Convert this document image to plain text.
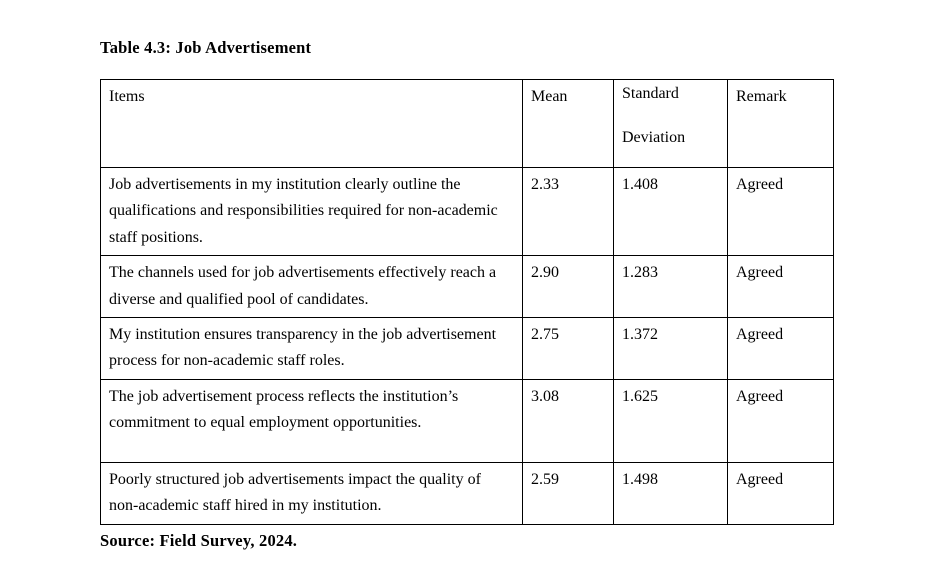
Table 4.3: Job Advertisement

Items	Mean	Standard Deviation	Remark
Job advertisements in my institution clearly outline the qualifications and responsibilities required for non-academic staff positions.	2.33	1.408	Agreed
The channels used for job advertisements effectively reach a diverse and qualified pool of candidates.	2.90	1.283	Agreed
My institution ensures transparency in the job advertisement process for non-academic staff roles.	2.75	1.372	Agreed
The job advertisement process reflects the institution’s commitment to equal employment opportunities.	3.08	1.625	Agreed
Poorly structured job advertisements impact the quality of non-academic staff hired in my institution.	2.59	1.498	Agreed

Source: Field Survey, 2024.
